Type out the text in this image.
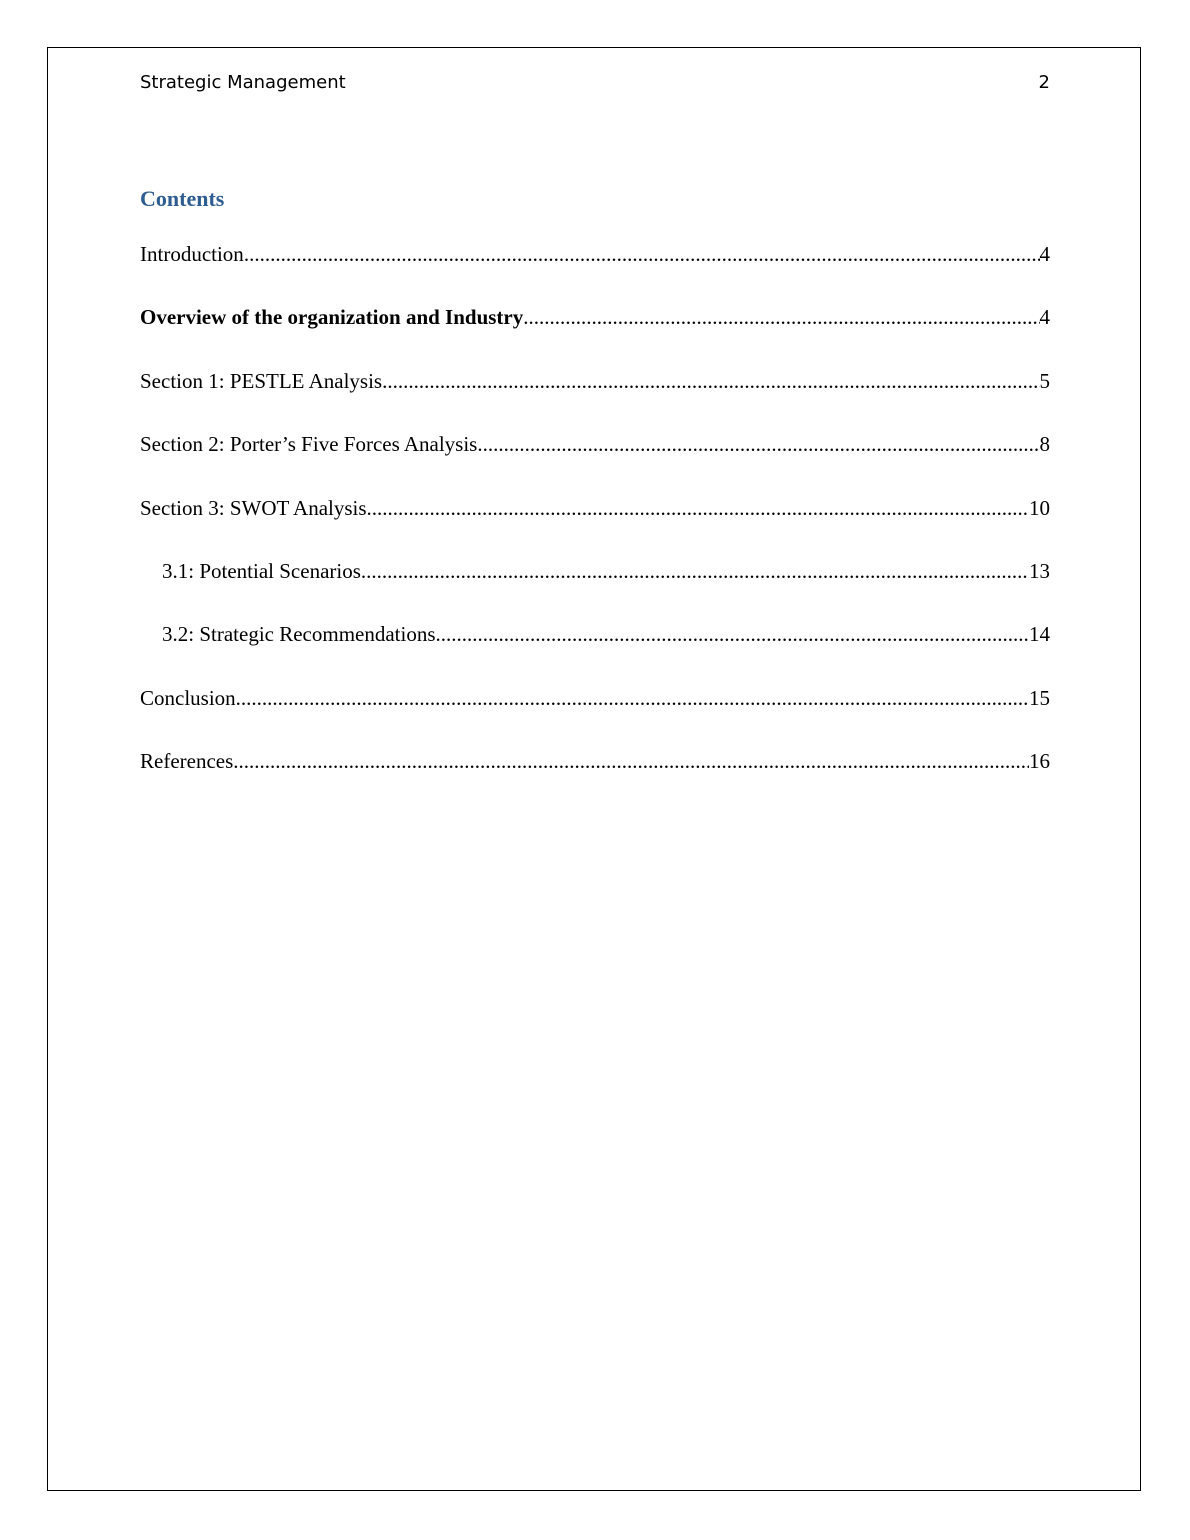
Strategic Management	2
Contents
Introduction .....	4
Overview of the organization and Industry .....	4
Section 1: PESTLE Analysis .....	5
Section 2: Porter’s Five Forces Analysis .....	8
Section 3: SWOT Analysis .....	10
3.1: Potential Scenarios .....	13
3.2: Strategic Recommendations .....	14
Conclusion .....	15
References .....	16
